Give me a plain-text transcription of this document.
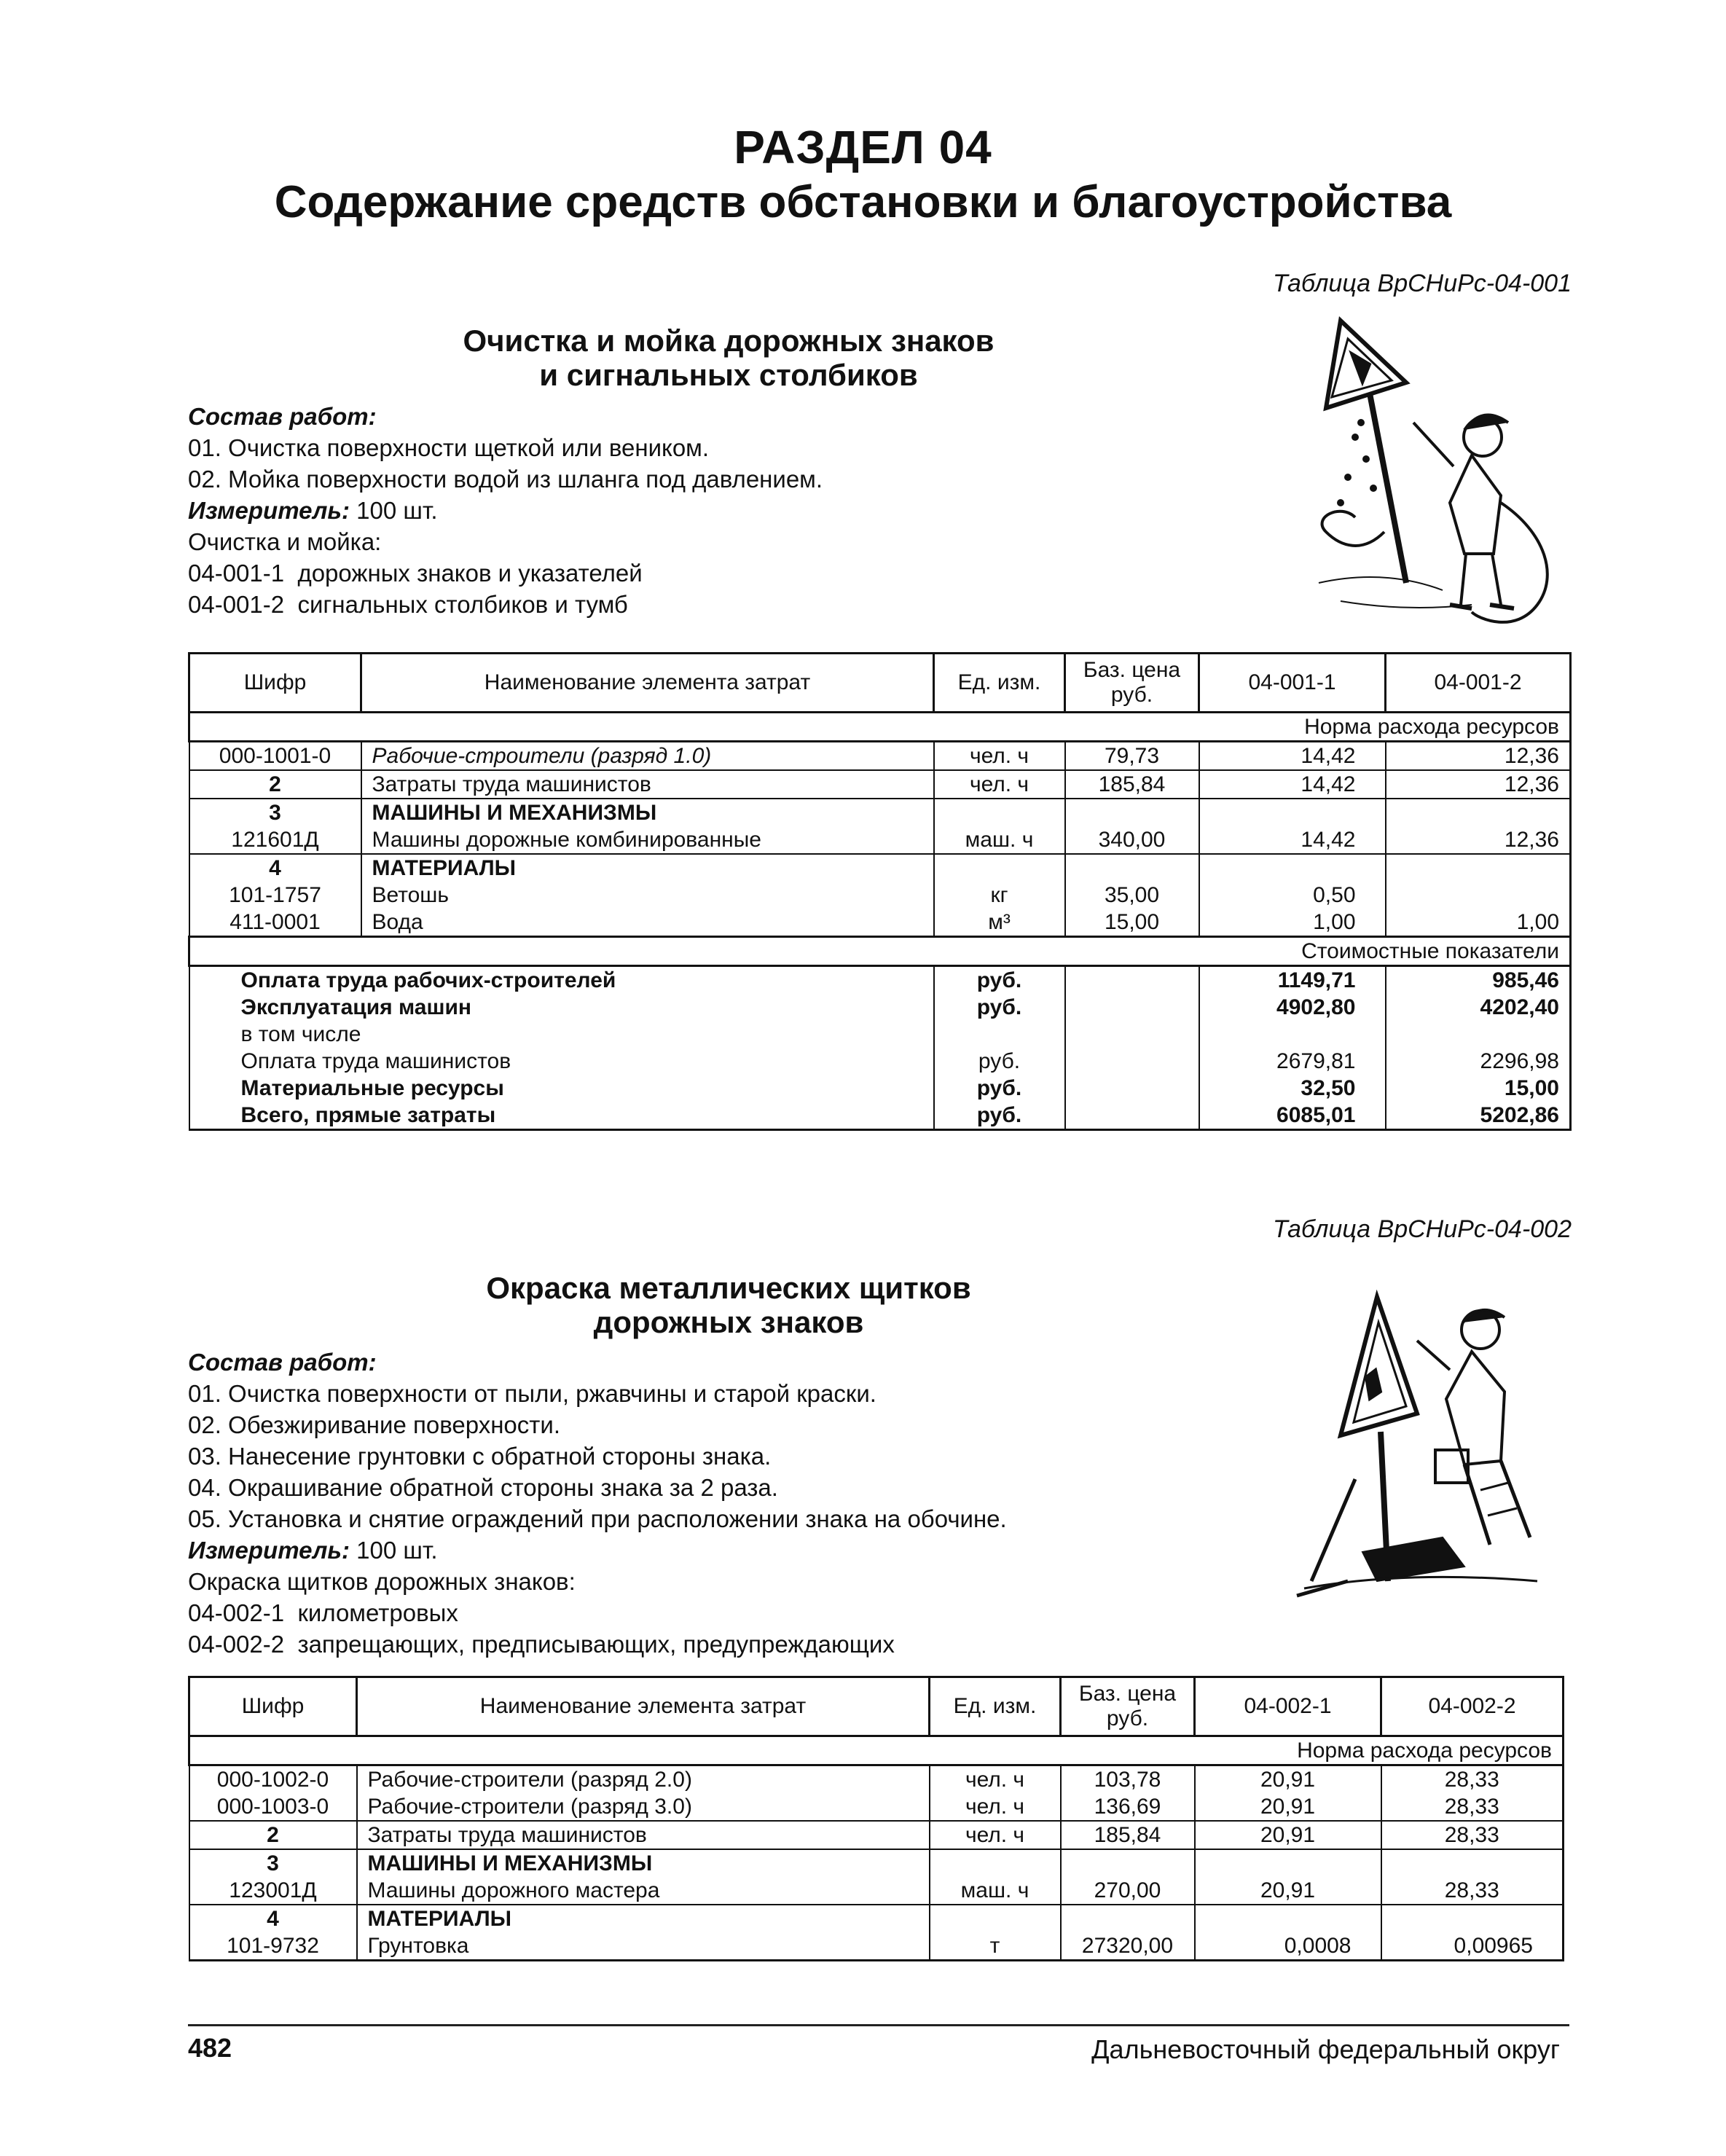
РАЗДЕЛ 04
Содержание средств обстановки и благоустройства
Таблица ВрСНиРс-04-001
Очистка и мойка дорожных знаков
и сигнальных столбиков
Состав работ:
01. Очистка поверхности щеткой или веником.
02. Мойка поверхности водой из шланга под давлением.
Измеритель: 100 шт.
Очистка и мойка:
04-001-1 дорожных знаков и указателей
04-001-2 сигнальных столбиков и тумб
Шифр	Наименование элемента затрат	Ед. изм.	Баз. цена руб.	04-001-1	04-001-2
Норма расхода ресурсов					
000-1001-0	Рабочие-строители (разряд 1.0)	чел. ч	79,73	14,42	12,36
2	Затраты труда машинистов	чел. ч	185,84	14,42	12,36
3	МАШИНЫ И МЕХАНИЗМЫ				
121601Д	Машины дорожные комбинированные	маш. ч	340,00	14,42	12,36
4	МАТЕРИАЛЫ				
101-1757	Ветошь	кг	35,00	0,50	
411-0001	Вода	м³	15,00	1,00	1,00
Стоимостные показатели					
Оплата труда рабочих-строителей		руб.		1149,71	985,46
Эксплуатация машин		руб.		4902,80	4202,40
в том числе					
Оплата труда машинистов		руб.		2679,81	2296,98
Материальные ресурсы		руб.		32,50	15,00
Всего, прямые затраты		руб.		6085,01	5202,86
Таблица ВрСНиРс-04-002
Окраска металлических щитков
дорожных знаков
Состав работ:
01. Очистка поверхности от пыли, ржавчины и старой краски.
02. Обезжиривание поверхности.
03. Нанесение грунтовки с обратной стороны знака.
04. Окрашивание обратной стороны знака за 2 раза.
05. Установка и снятие ограждений при расположении знака на обочине.
Измеритель: 100 шт.
Окраска щитков дорожных знаков:
04-002-1 километровых
04-002-2 запрещающих, предписывающих, предупреждающих
Шифр	Наименование элемента затрат	Ед. изм.	Баз. цена руб.	04-002-1	04-002-2
Норма расхода ресурсов					
000-1002-0	Рабочие-строители (разряд 2.0)	чел. ч	103,78	20,91	28,33
000-1003-0	Рабочие-строители (разряд 3.0)	чел. ч	136,69	20,91	28,33
2	Затраты труда машинистов	чел. ч	185,84	20,91	28,33
3	МАШИНЫ И МЕХАНИЗМЫ				
123001Д	Машины дорожного мастера	маш. ч	270,00	20,91	28,33
4	МАТЕРИАЛЫ				
101-9732	Грунтовка	т	27320,00	0,0008	0,00965
482	Дальневосточный федеральный округ
